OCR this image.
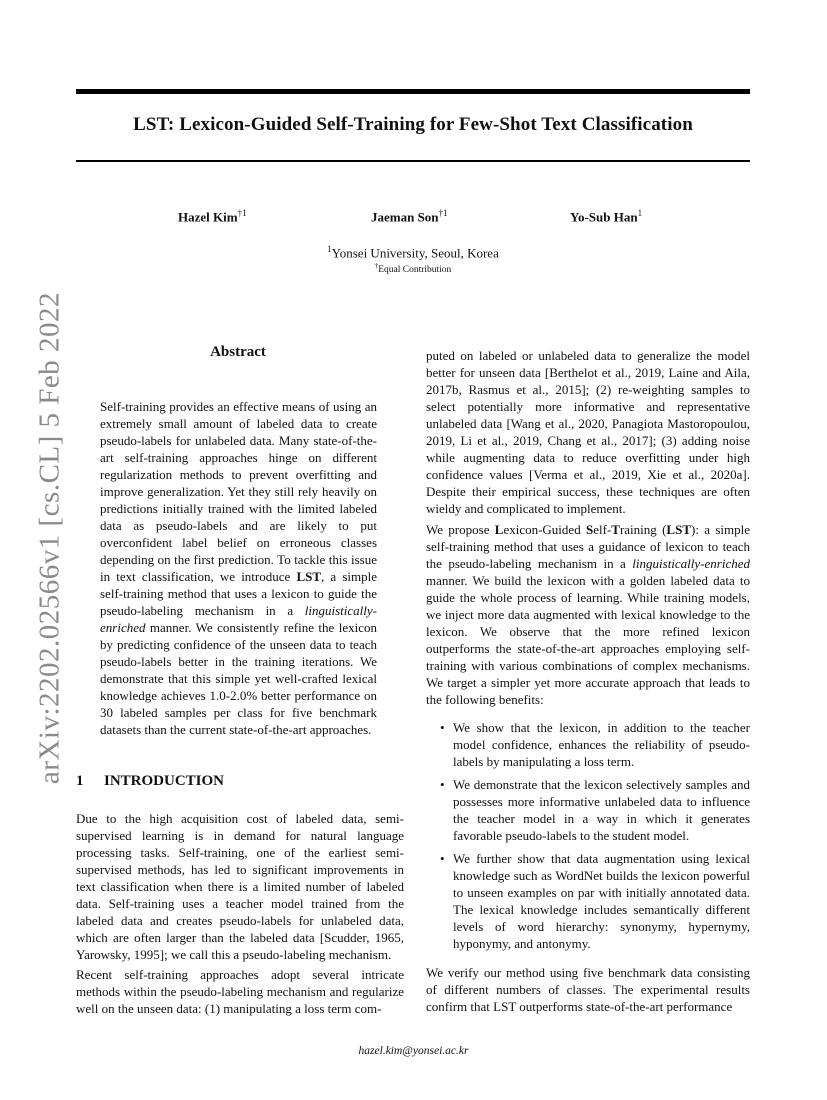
LST: Lexicon-Guided Self-Training for Few-Shot Text Classification
Hazel Kim$^{\dagger 1}$	Jaeman Son$^{\dagger 1}$	Yo-Sub Han$^1$
$^1$Yonsei University, Seoul, Korea
†Equal Contribution
arXiv:2202.02566v1 [cs.CL] 5 Feb 2022	Abstract

Self-training provides an effective means of using an extremely small amount of labeled data to create pseudo-labels for unlabeled data. Many state-of-the-art self-training approaches hinge on different regularization methods to prevent overfitting and improve generalization. Yet they still rely heavily on predictions initially trained with the limited labeled data as pseudo-labels and are likely to put overconfident label belief on erroneous classes depending on the first prediction. To tackle this issue in text classification, we introduce LST, a simple self-training method that uses a lexicon to guide the pseudo-labeling mechanism in a linguistically-enriched manner. We consistently refine the lexicon by predicting confidence of the unseen data to teach pseudo-labels better in the training iterations. We demonstrate that this simple yet well-crafted lexical knowledge achieves 1.0-2.0% better performance on 30 labeled samples per class for five benchmark datasets than the current state-of-the-art approaches.

1 INTRODUCTION

Due to the high acquisition cost of labeled data, semi-supervised learning is in demand for natural language processing tasks. Self-training, one of the earliest semi-supervised methods, has led to significant improvements in text classification when there is a limited number of labeled data. Self-training uses a teacher model trained from the labeled data and creates pseudo-labels for unlabeled data, which are often larger than the labeled data [Scudder, 1965, Yarowsky, 1995]; we call this a pseudo-labeling mechanism.

Recent self-training approaches adopt several intricate methods within the pseudo-labeling mechanism and regularize well on the unseen data: (1) manipulating a loss term com-

puted on labeled or unlabeled data to generalize the model better for unseen data [Berthelot et al., 2019, Laine and Aila, 2017b, Rasmus et al., 2015]; (2) re-weighting samples to select potentially more informative and representative unlabeled data [Wang et al., 2020, Panagiota Mastoropoulou, 2019, Li et al., 2019, Chang et al., 2017]; (3) adding noise while augmenting data to reduce overfitting under high confidence values [Verma et al., 2019, Xie et al., 2020a]. Despite their empirical success, these techniques are often wieldy and complicated to implement.

We propose Lexicon-Guided Self-Training (LST): a simple self-training method that uses a guidance of lexicon to teach the pseudo-labeling mechanism in a linguistically-enriched manner. We build the lexicon with a golden labeled data to guide the whole process of learning. While training models, we inject more data augmented with lexical knowledge to the lexicon. We observe that the more refined lexicon outperforms the state-of-the-art approaches employing self-training with various combinations of complex mechanisms. We target a simpler yet more accurate approach that leads to the following benefits:

• We show that the lexicon, in addition to the teacher model confidence, enhances the reliability of pseudo-labels by manipulating a loss term.
• We demonstrate that the lexicon selectively samples and possesses more informative unlabeled data to influence the teacher model in a way in which it generates favorable pseudo-labels to the student model.
• We further show that data augmentation using lexical knowledge such as WordNet builds the lexicon powerful to unseen examples on par with initially annotated data. The lexical knowledge includes semantically different levels of word hierarchy: synonymy, hypernymy, hyponymy, and antonymy.

We verify our method using five benchmark data consisting of different numbers of classes. The experimental results confirm that LST outperforms state-of-the-art performance

hazel.kim@yonsei.ac.kr
